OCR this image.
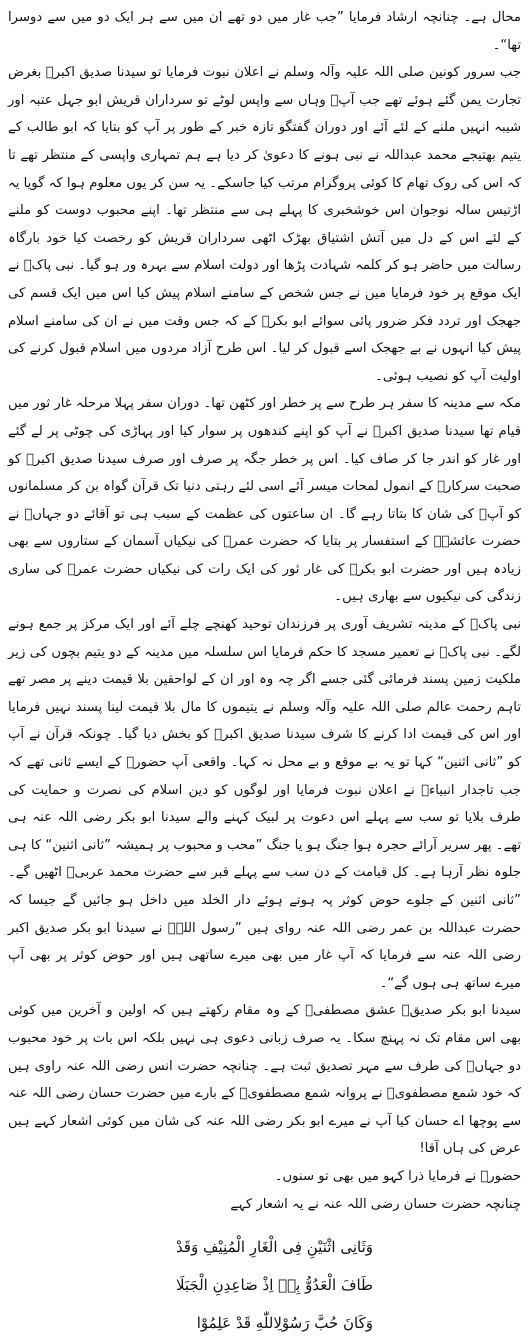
محال ہے۔ چنانچہ ارشاد فرمایا ”جب غار میں دو تھے ان میں سے ہر ایک دو میں سے دوسرا تھا“۔

جب سرور کونین صلی اللہ علیہ وآلہ وسلم نے اعلان نبوت فرمایا تو سیدنا صدیق اکبرؓ بغرض تجارت یمن گئے ہوئے تھے جب آپؓ وہاں سے واپس لوٹے تو سرداران قریش ابو جہل عتبہ اور شیبہ انہیں ملنے کے لئے آئے اور دوران گفتگو تازہ خبر کے طور پر آپ کو بتایا کہ ابو طالب کے یتیم بھتیجے محمد عبداللہ نے نبی ہونے کا دعویٰ کر دیا ہے ہم تمہاری واپسی کے منتظر تھے تا کہ اس کی روک تھام کا کوئی پروگرام مرتب کیا جاسکے۔ یہ سن کر یوں معلوم ہوا کہ گویا یہ اڑتیس سالہ نوجوان اس خوشخبری کا پہلے ہی سے منتظر تھا۔ اپنے محبوب دوست کو ملنے کے لئے اس کے دل میں آتش اشتیاق بھڑک اٹھی سرداران قریش کو رخصت کیا خود بارگاہ رسالت میں حاضر ہو کر کلمہ شہادت پڑھا اور دولت اسلام سے بہرہ ور ہو گیا۔ نبی پاکؐ نے ایک موقع پر خود فرمایا میں نے جس شخص کے سامنے اسلام پیش کیا اس میں ایک قسم کی جھجک اور تردد فکر ضرور پائی سوائے ابو بکرؓ کے کہ جس وقت میں نے ان کی سامنے اسلام پیش کیا انہوں نے بے جھجک اسے قبول کر لیا۔ اس طرح آزاد مردوں میں اسلام قبول کرنے کی اولیت آپ کو نصیب ہوئی۔

مکہ سے مدینہ کا سفر ہر طرح سے پر خطر اور کٹھن تھا۔ دوران سفر پہلا مرحلہ غار ثور میں قیام تھا سیدنا صدیق اکبرؓ نے آپ کو اپنے کندھوں پر سوار کیا اور پہاڑی کی چوٹی پر لے گئے اور غار کو اندر جا کر صاف کیا۔ اس پر خطر جگہ پر صرف اور صرف سیدنا صدیق اکبرؓ کو صحبت سرکارؐ کے انمول لمحات میسر آئے اسی لئے رہتی دنیا تک قرآن گواہ بن کر مسلمانوں کو آپؓ کی شان کا بتاتا رہے گا۔ ان ساعتوں کی عظمت کے سبب ہی تو آقائے دو جہاںؐ نے حضرت عائشہؓ کے استفسار پر بتایا کہ حضرت عمرؓ کی نیکیاں آسمان کے ستاروں سے بھی زیادہ ہیں اور حضرت ابو بکرؓ کی غار ثور کی ایک رات کی نیکیاں حضرت عمرؓ کی ساری زندگی کی نیکیوں سے بھاری ہیں۔

نبی پاکؐ کے مدینہ تشریف آوری پر فرزندان توحید کھنچے چلے آئے اور ایک مرکز پر جمع ہونے لگے۔ نبی پاکؐ نے تعمیر مسجد کا حکم فرمایا اس سلسلہ میں مدینہ کے دو یتیم بچوں کی زیر ملکیت زمین پسند فرمائی گئی جسے اگر چہ وہ اور ان کے لواحقین بلا قیمت دینے پر مصر تھے تاہم رحمت عالم صلی اللہ علیہ وآلہ وسلم نے یتیموں کا مال بلا قیمت لینا پسند نہیں فرمایا اور اس کی قیمت ادا کرنے کا شرف سیدنا صدیق اکبرؓ کو بخش دیا گیا۔ چونکہ قرآن نے آپ کو ”ثانی اثنین“ کہا تو یہ بے موقع و بے محل نہ کہا۔ واقعی آپ حضورؐ کے ایسے ثانی تھے کہ جب تاجدار انبیاءؐ نے اعلان نبوت فرمایا اور لوگوں کو دین اسلام کی نصرت و حمایت کی طرف بلایا تو سب سے پہلے اس دعوت پر لبیک کہنے والے سیدنا ابو بکر رضی اللہ عنہ ہی تھے۔ پھر سریر آرائے حجرہ ہوا جنگ ہو یا جنگ ”محب و محبوب پر ہمیشہ ”ثانی اثنین“ کا ہی جلوہ نظر آرہا ہے۔ کل قیامت کے دن سب سے پہلے قبر سے حضرت محمد عربیؐ اٹھیں گے۔ ”ثانی اثنین کے جلوے حوض کوثر پہ ہوتے ہوئے دار الخلد میں داخل ہو جائیں گے جیسا کہ حضرت عبداللہ بن عمر رضی اللہ عنہ روای ہیں ”رسول اللہؐ نے سیدنا ابو بکر صدیق اکبر رضی اللہ عنہ سے فرمایا کہ آپ غار میں بھی میرے ساتھی ہیں اور حوض کوثر پر بھی آپ میرے ساتھ ہی ہوں گے“۔

سیدنا ابو بکر صدیقؓ عشق مصطفیؐ کے وہ مقام رکھتے ہیں کہ اولین و آخرین میں کوئی بھی اس مقام تک نہ پہنچ سکا۔ یہ صرف زبانی دعوی ہی نہیں بلکہ اس بات پر خود محبوب دو جہاںؐ کی طرف سے مہر تصدیق ثبت ہے۔ چنانچہ حضرت انس رضی اللہ عنہ راوی ہیں کہ خود شمع مصطفویؐ نے پروانہ شمع مصطفویؐ کے بارے میں حضرت حسان رضی اللہ عنہ سے پوچھا اے حسان کیا آپ نے میرے ابو بکر رضی اللہ عنہ کی شان میں کوئی اشعار کہے ہیں عرض کی ہاں آقا!

حضورؐ نے فرمایا ذرا کہو میں بھی تو سنوں۔

چنانچہ حضرت حسان رضی اللہ عنہ نے یہ اشعار کہے

وَثَانِی اثْنَیْنِ فِی الْغَارِ الْمُنِیْفِ وَقَدْ
طَافَ الْعَدُوُّ بِهٖ اِذْ صَاعِدِنِ الْجَبَلَا
وَکَانَ حُبَّ رَسُوْلِاللّٰهِ قَدْ عَلِمُوْا
